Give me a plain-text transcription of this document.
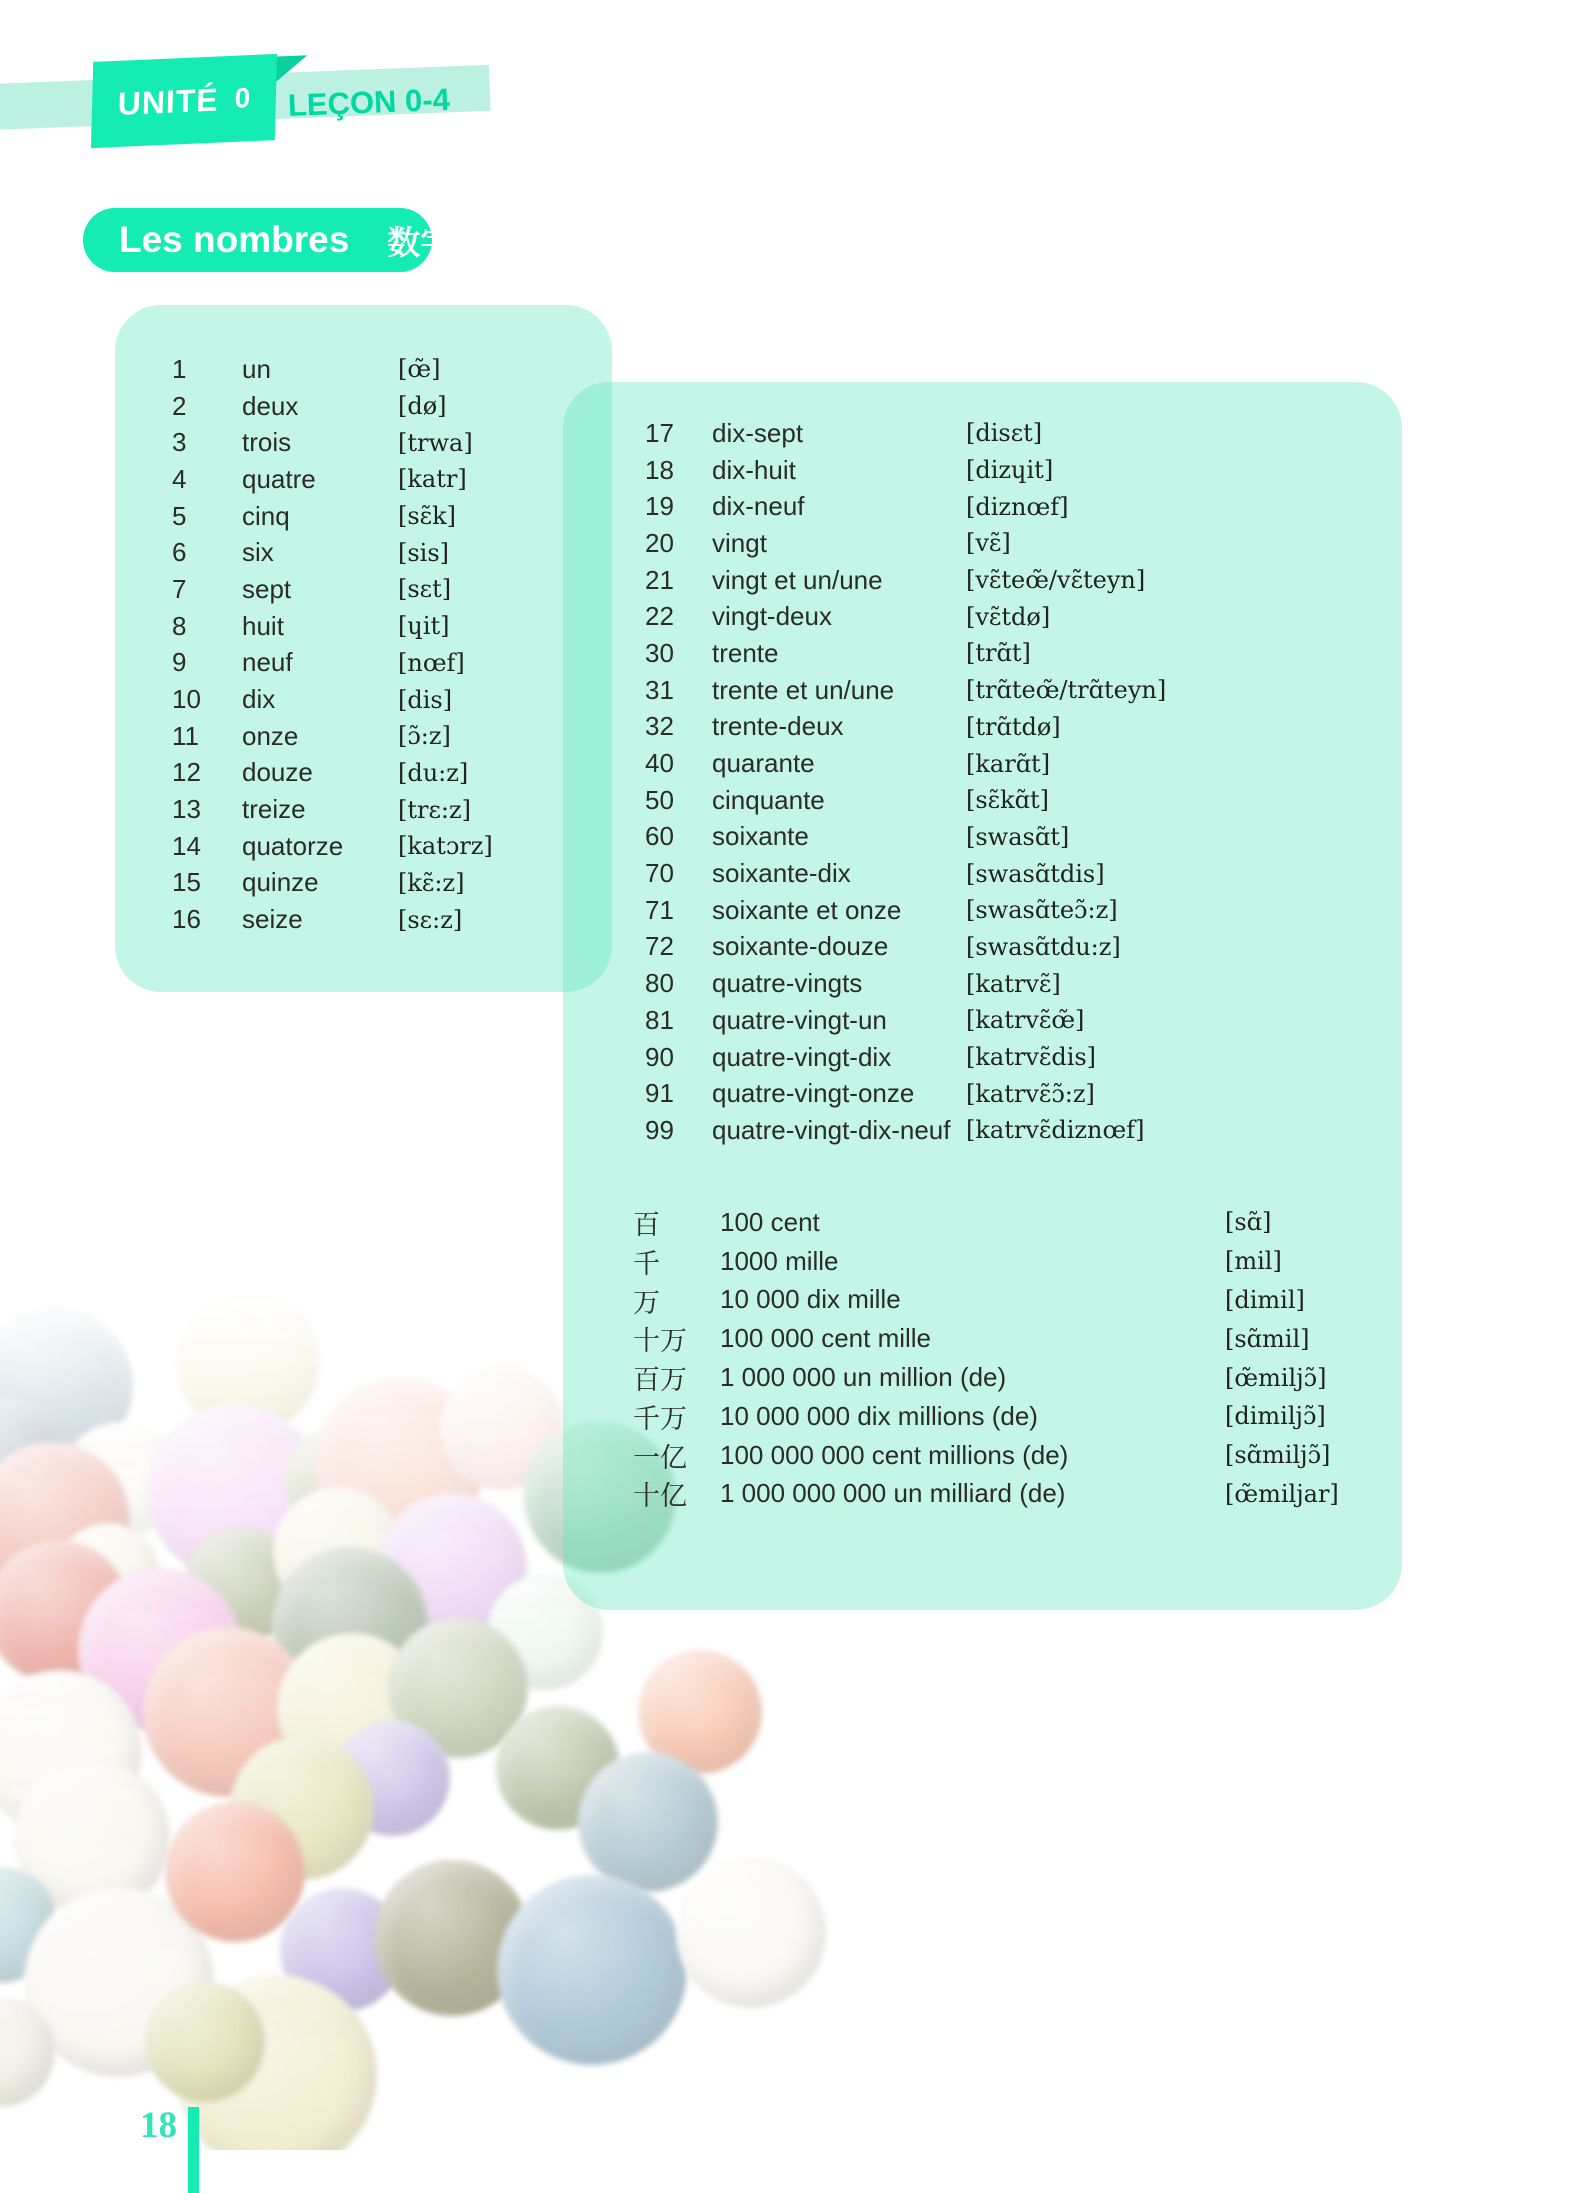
1	un	[œ̃]
2	deux	[dø]
3	trois	[trwa]
4	quatre	[katr]
5	cinq	[sɛ̃k]
6	six	[sis]
7	sept	[sɛt]
8	huit	[ɥit]
9	neuf	[nœf]
10	dix	[dis]
11	onze	[ɔ̃:z]
12	douze	[du:z]
13	treize	[trɛ:z]
14	quatorze	[katɔrz]
15	quinze	[kɛ̃:z]
16	seize	[sɛ:z]
17	dix-sept	[disɛt]
18	dix-huit	[dizɥit]
19	dix-neuf	[diznœf]
20	vingt	[vɛ̃]
21	vingt et un/une	[vɛ̃teœ̃/vɛ̃teyn]
22	vingt-deux	[vɛ̃tdø]
30	trente	[trɑ̃t]
31	trente et un/une	[trɑ̃teœ̃/trɑ̃teyn]
32	trente-deux	[trɑ̃tdø]
40	quarante	[karɑ̃t]
50	cinquante	[sɛ̃kɑ̃t]
60	soixante	[swasɑ̃t]
70	soixante-dix	[swasɑ̃tdis]
71	soixante et onze	[swasɑ̃teɔ̃:z]
72	soixante-douze	[swasɑ̃tdu:z]
80	quatre-vingts	[katrvɛ̃]
81	quatre-vingt-un	[katrvɛ̃œ̃]
90	quatre-vingt-dix	[katrvɛ̃dis]
91	quatre-vingt-onze	[katrvɛ̃ɔ̃:z]
99	quatre-vingt-dix-neuf [katrvɛ̃diznœf]
百	100 cent	[sɑ̃]
千	1000 mille	[mil]
万	10 000 dix mille	[dimil]
十万	100 000 cent mille	[sɑ̃mil]
百万	1 000 000 un million (de)	[œ̃miljɔ̃]
千万	10 000 000 dix millions (de)	[dimiljɔ̃]
一亿	100 000 000 cent millions (de)	[sɑ̃miljɔ̃]
十亿	1 000 000 000 un milliard (de)	[œ̃miljar]
UNITÉ 0 LEÇON 0-4
Les nombres 数字
18
